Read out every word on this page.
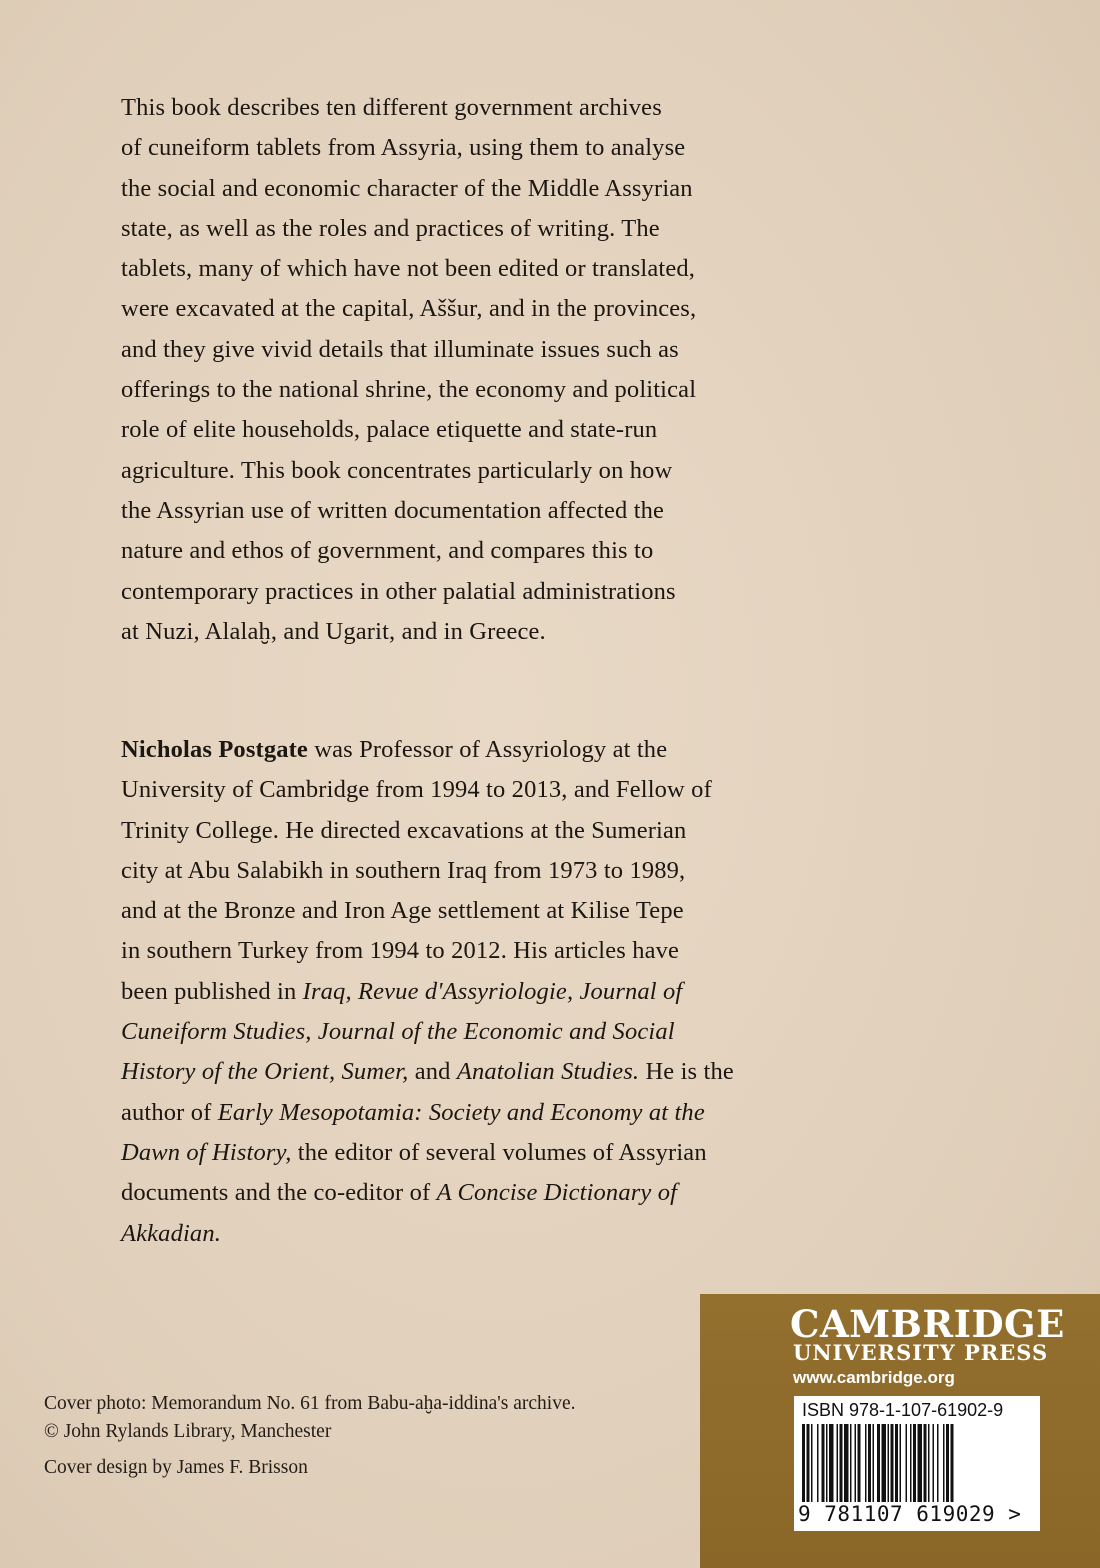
This book describes ten different government archives
of cuneiform tablets from Assyria, using them to analyse
the social and economic character of the Middle Assyrian
state, as well as the roles and practices of writing. The
tablets, many of which have not been edited or translated,
were excavated at the capital, Aššur, and in the provinces,
and they give vivid details that illuminate issues such as
offerings to the national shrine, the economy and political
role of elite households, palace etiquette and state-run
agriculture. This book concentrates particularly on how
the Assyrian use of written documentation affected the
nature and ethos of government, and compares this to
contemporary practices in other palatial administrations
at Nuzi, Alalaḫ, and Ugarit, and in Greece.

Nicholas Postgate was Professor of Assyriology at the
University of Cambridge from 1994 to 2013, and Fellow of
Trinity College. He directed excavations at the Sumerian
city at Abu Salabikh in southern Iraq from 1973 to 1989,
and at the Bronze and Iron Age settlement at Kilise Tepe
in southern Turkey from 1994 to 2012. His articles have
been published in Iraq, Revue d'Assyriologie, Journal of
Cuneiform Studies, Journal of the Economic and Social
History of the Orient, Sumer, and Anatolian Studies. He is the
author of Early Mesopotamia: Society and Economy at the
Dawn of History, the editor of several volumes of Assyrian
documents and the co-editor of A Concise Dictionary of
Akkadian.

Cover photo: Memorandum No. 61 from Babu-aḫa-iddina's archive.
© John Rylands Library, Manchester
Cover design by James F. Brisson
CAMBRIDGE
UNIVERSITY PRESS
www.cambridge.org
ISBN 978-1-107-61902-9
9 781107 619029 >
